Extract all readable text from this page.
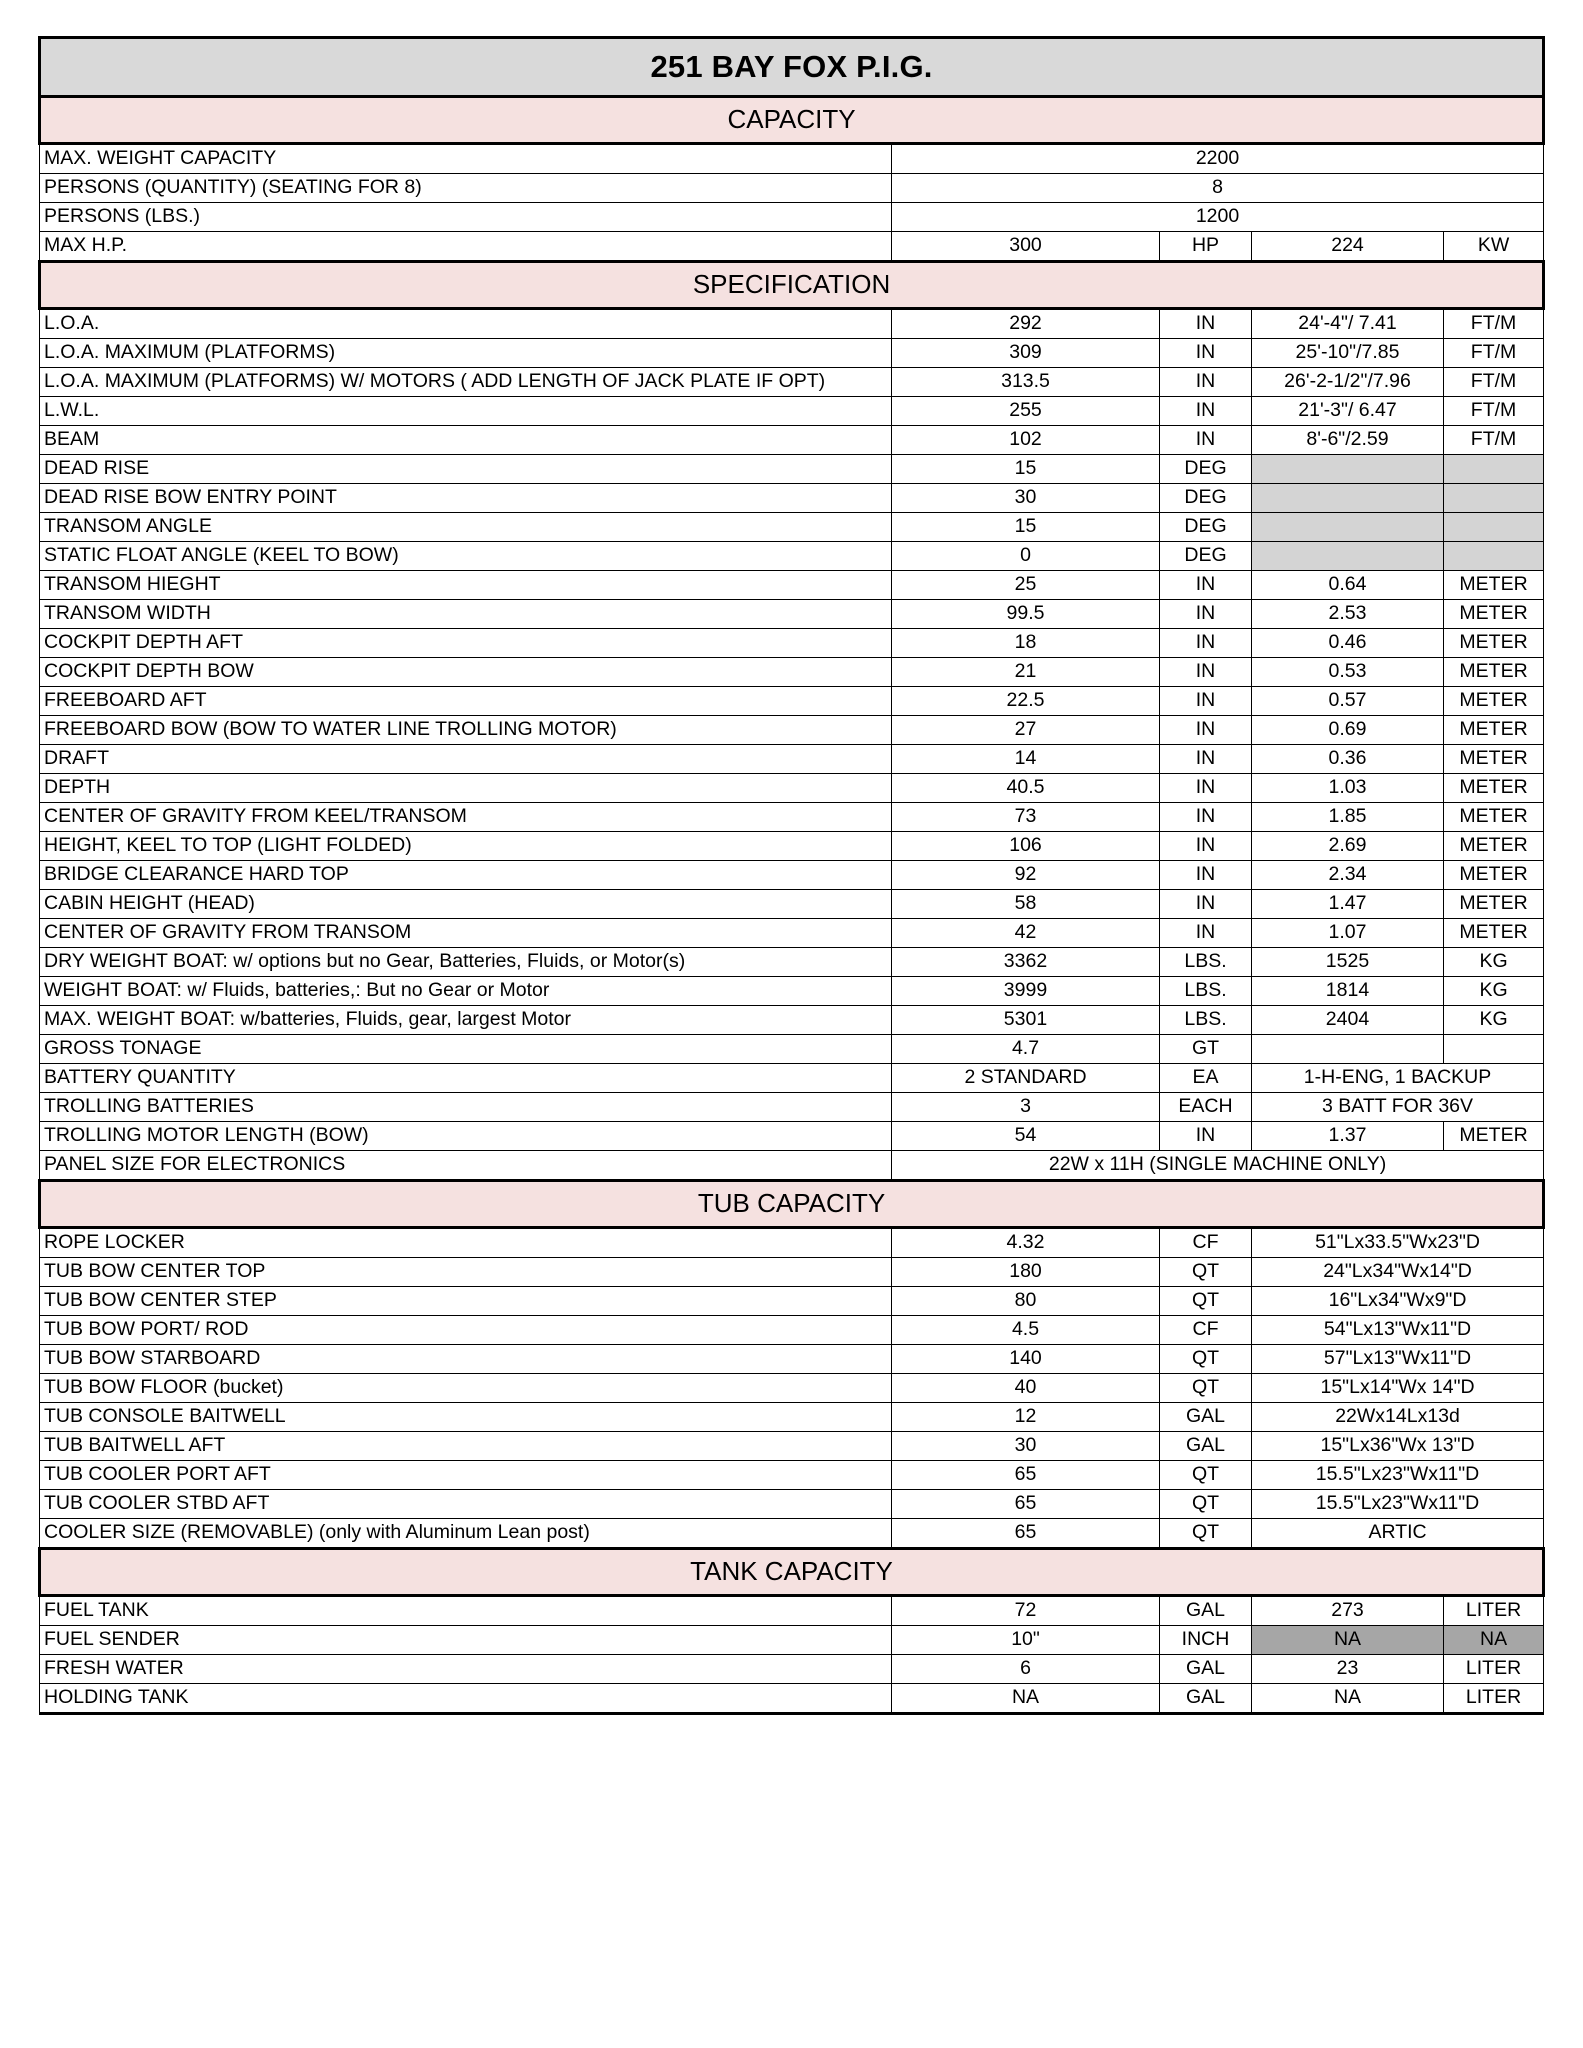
251 BAY FOX P.I.G.				
CAPACITY				
MAX. WEIGHT CAPACITY	2200			
PERSONS (QUANTITY) (SEATING FOR 8)	8			
PERSONS (LBS.)	1200			
MAX H.P.	300	HP	224	KW
SPECIFICATION				
L.O.A.	292	IN	24'-4"/ 7.41	FT/M
L.O.A. MAXIMUM (PLATFORMS)	309	IN	25'-10"/7.85	FT/M
L.O.A. MAXIMUM (PLATFORMS) W/ MOTORS ( ADD LENGTH OF JACK PLATE IF OPT)	313.5	IN	26'-2-1/2"/7.96	FT/M
L.W.L.	255	IN	21'-3"/ 6.47	FT/M
BEAM	102	IN	8'-6"/2.59	FT/M
DEAD RISE	15	DEG		
DEAD RISE BOW ENTRY POINT	30	DEG		
TRANSOM ANGLE	15	DEG		
STATIC FLOAT ANGLE (KEEL TO BOW)	0	DEG		
TRANSOM HIEGHT	25	IN	0.64	METER
TRANSOM WIDTH	99.5	IN	2.53	METER
COCKPIT DEPTH AFT	18	IN	0.46	METER
COCKPIT DEPTH BOW	21	IN	0.53	METER
FREEBOARD AFT	22.5	IN	0.57	METER
FREEBOARD BOW (BOW TO WATER LINE TROLLING MOTOR)	27	IN	0.69	METER
DRAFT	14	IN	0.36	METER
DEPTH	40.5	IN	1.03	METER
CENTER OF GRAVITY FROM KEEL/TRANSOM	73	IN	1.85	METER
HEIGHT, KEEL TO TOP (LIGHT FOLDED)	106	IN	2.69	METER
BRIDGE CLEARANCE HARD TOP	92	IN	2.34	METER
CABIN HEIGHT (HEAD)	58	IN	1.47	METER
CENTER OF GRAVITY FROM TRANSOM	42	IN	1.07	METER
DRY WEIGHT BOAT: w/ options but no Gear, Batteries, Fluids, or Motor(s)	3362	LBS.	1525	KG
WEIGHT BOAT: w/ Fluids, batteries,: But no Gear or Motor	3999	LBS.	1814	KG
MAX. WEIGHT BOAT: w/batteries, Fluids, gear, largest Motor	5301	LBS.	2404	KG
GROSS TONAGE	4.7	GT		
BATTERY QUANTITY	2 STANDARD	EA	1-H-ENG, 1 BACKUP	
TROLLING BATTERIES	3	EACH	3 BATT FOR 36V	
TROLLING MOTOR LENGTH (BOW)	54	IN	1.37	METER
PANEL SIZE FOR ELECTRONICS	22W x 11H (SINGLE MACHINE ONLY)			
TUB CAPACITY				
ROPE LOCKER	4.32	CF	51"Lx33.5"Wx23"D	
TUB BOW CENTER TOP	180	QT	24"Lx34"Wx14"D	
TUB BOW CENTER STEP	80	QT	16"Lx34"Wx9"D	
TUB BOW PORT/ ROD	4.5	CF	54"Lx13"Wx11"D	
TUB BOW STARBOARD	140	QT	57"Lx13"Wx11"D	
TUB BOW FLOOR (bucket)	40	QT	15"Lx14"Wx 14"D	
TUB CONSOLE BAITWELL	12	GAL	22Wx14Lx13d	
TUB BAITWELL AFT	30	GAL	15"Lx36"Wx 13"D	
TUB COOLER PORT AFT	65	QT	15.5"Lx23"Wx11"D	
TUB COOLER STBD AFT	65	QT	15.5"Lx23"Wx11"D	
COOLER SIZE (REMOVABLE) (only with Aluminum Lean post)	65	QT	ARTIC	
TANK CAPACITY				
FUEL TANK	72	GAL	273	LITER
FUEL SENDER	10"	INCH	NA	NA
FRESH WATER	6	GAL	23	LITER
HOLDING TANK	NA	GAL	NA	LITER
